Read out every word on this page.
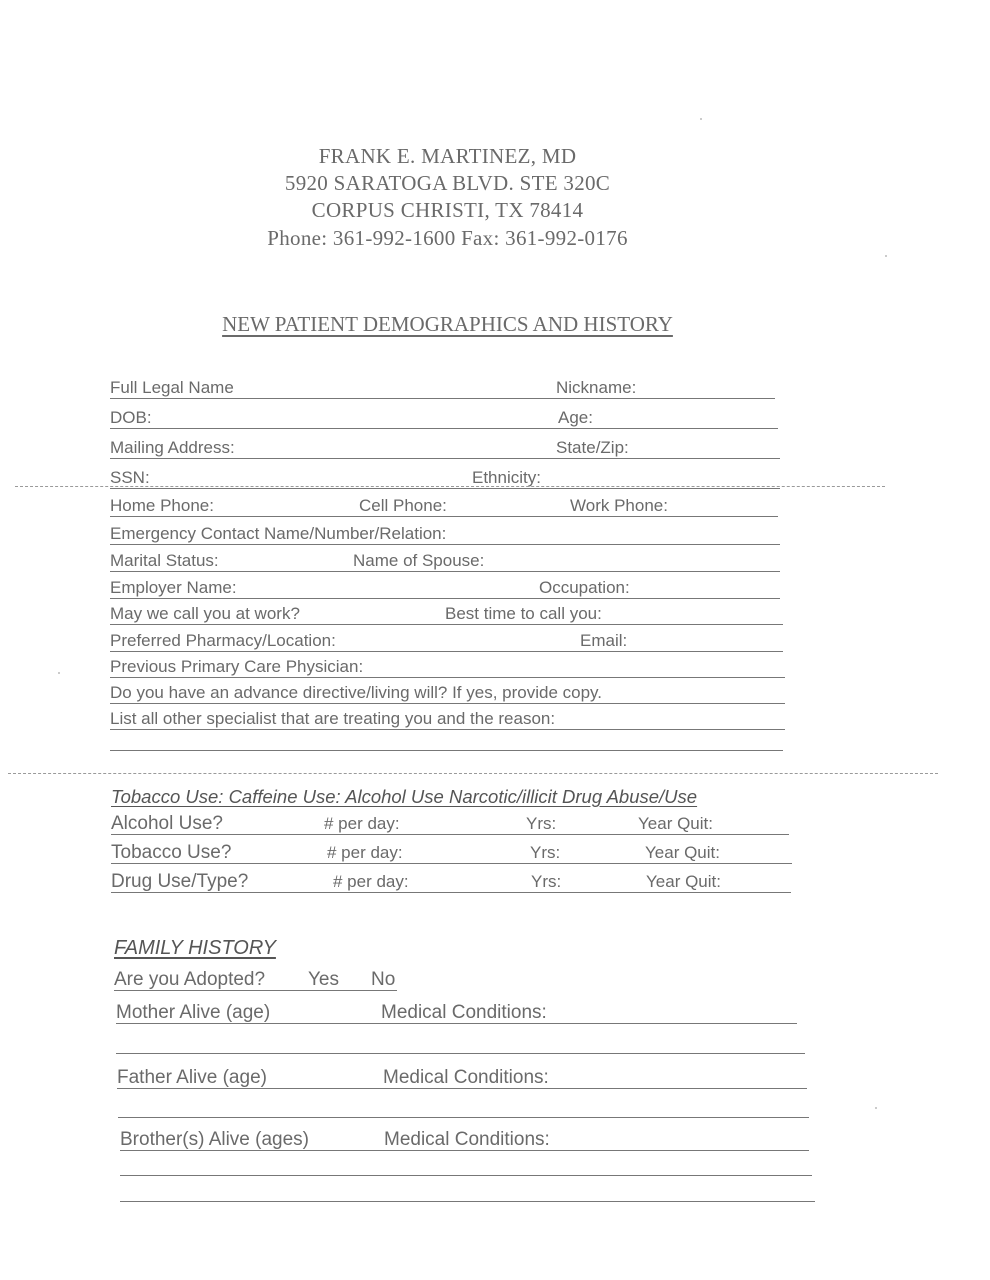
FRANK E. MARTINEZ, MD
5920 SARATOGA BLVD. STE 320C
CORPUS CHRISTI, TX 78414
Phone: 361-992-1600 Fax: 361-992-0176
NEW PATIENT DEMOGRAPHICS AND HISTORY
Full Legal Name	Nickname:
DOB:	Age:
Mailing Address:	State/Zip:
SSN:	Ethnicity:
Home Phone:	Cell Phone:	Work Phone:
Emergency Contact Name/Number/Relation:
Marital Status:	Name of Spouse:
Employer Name:	Occupation:
May we call you at work?	Best time to call you:
Preferred Pharmacy/Location:	Email:
Previous Primary Care Physician:
Do you have an advance directive/living will? If yes, provide copy.
List all other specialist that are treating you and the reason:
Tobacco Use: Caffeine Use: Alcohol Use Narcotic/illicit Drug Abuse/Use
Alcohol Use?	# per day:	Yrs:	Year Quit:
Tobacco Use?	# per day:	Yrs:	Year Quit:
Drug Use/Type?	# per day:	Yrs:	Year Quit:
FAMILY HISTORY
Are you Adopted? Yes No
Mother Alive (age)	Medical Conditions:
Father Alive (age)	Medical Conditions:
Brother(s) Alive (ages)	Medical Conditions:
